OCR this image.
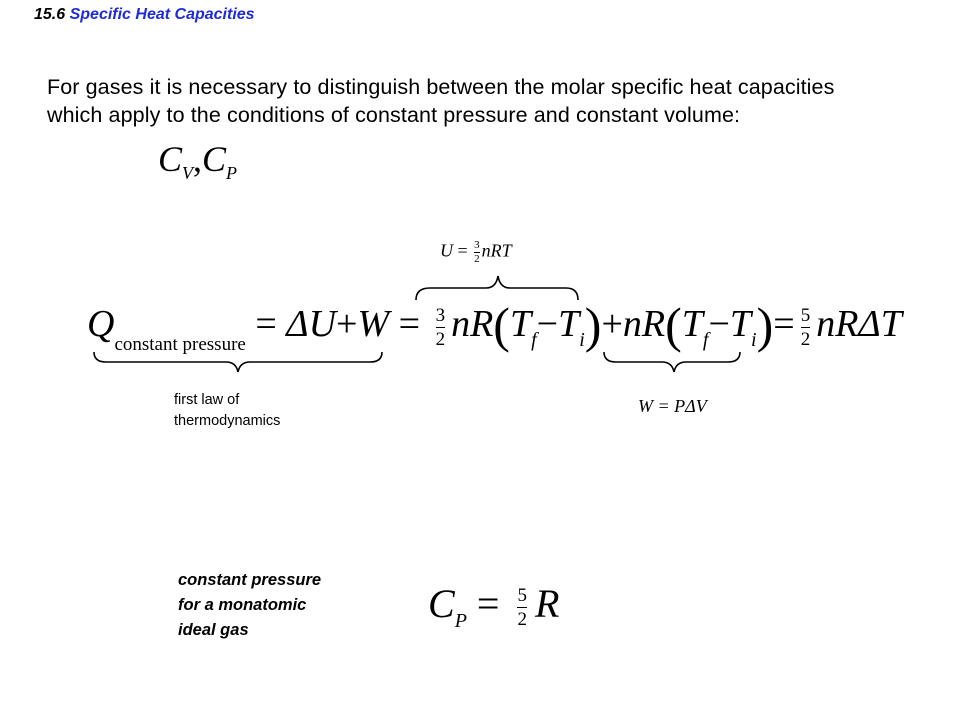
15.6 Specific Heat Capacities
For gases it is necessary to distinguish between the molar specific heat capacities which apply to the conditions of constant pressure and constant volume:
$C_V,C_P$
$U = \frac{3}{2}$ nRT
$Q_{constant pressure} = \Delta U+W = \frac{3}{2} nR(T_f-T_i)+nR(T_f-T_i)= \frac{5}{2}$ nRΔT
first law of
thermodynamics
W = PΔV
constant pressure
for a monatomic
ideal gas
$C_P = \frac{5}{2}$ R
